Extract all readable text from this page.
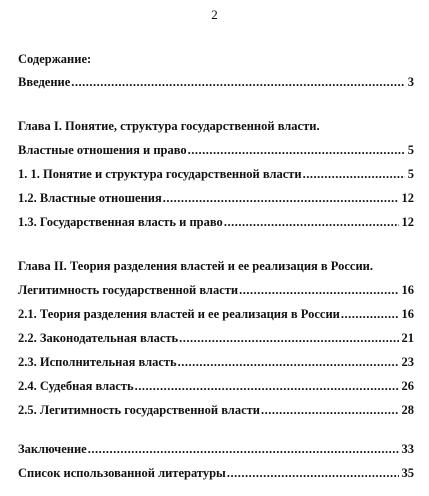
2
Содержание:
Введение .....	3
Глава I. Понятие, структура государственной власти.
Властные отношения и право .....	5
1. 1. Понятие и структура государственной власти .....	5
1.2. Властные отношения .....	12
1.3. Государственная власть и право .....	12
Глава II. Теория разделения властей и ее реализация в России.
Легитимность государственной власти .....	16
2.1. Теория разделения властей и ее реализация в России .....	16
2.2. Законодательная власть .....	21
2.3. Исполнительная власть .....	23
2.4. Судебная власть .....	26
2.5. Легитимность государственной власти .....	28
Заключение .....	33
Список использованной литературы .....	35
